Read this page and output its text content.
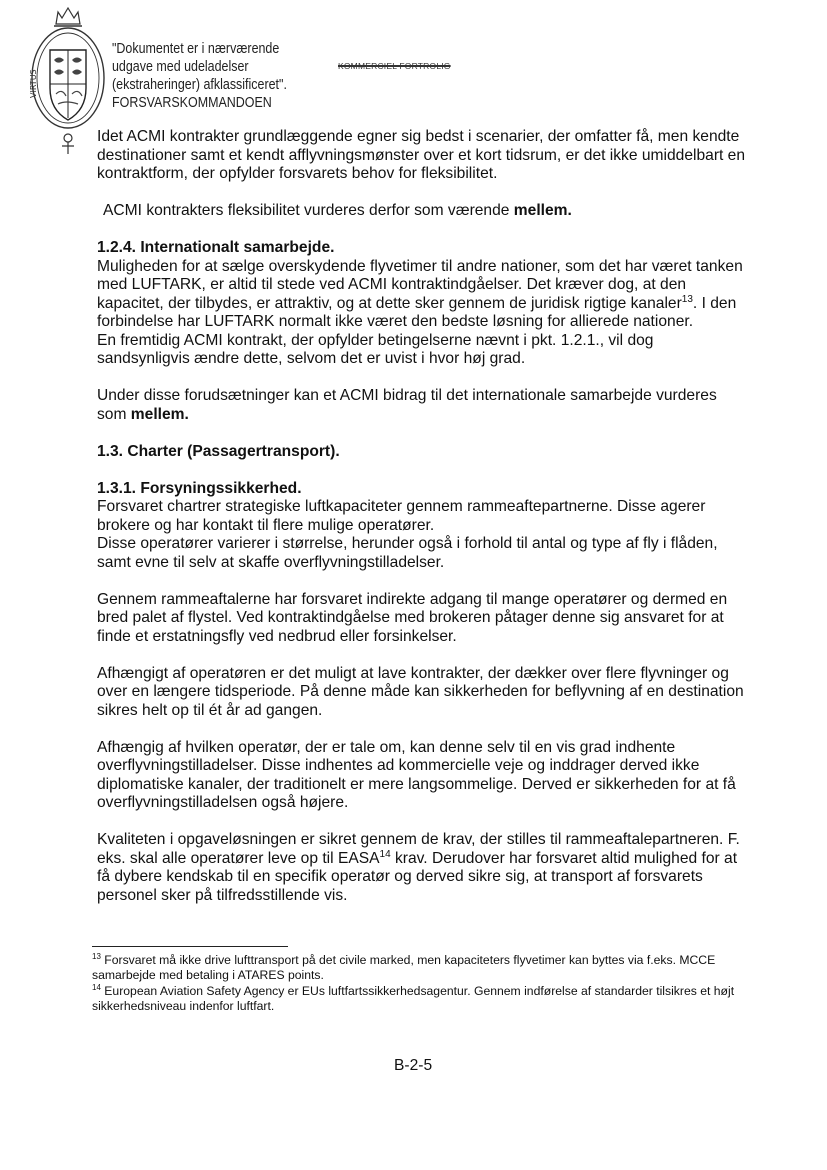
VIRTUS
"Dokumentet er i nærværende
udgave med udeladelser
(ekstraheringer) afklassificeret".
FORSVARSKOMMANDOEN
KOMMERCIEL FORTROLIG

Idet ACMI kontrakter grundlæggende egner sig bedst i scenarier, der omfatter få, men kendte destinationer samt et kendt afflyvningsmønster over et kort tidsrum, er det ikke umiddelbart en kontraktform, der opfylder forsvarets behov for fleksibilitet.

ACMI kontrakters fleksibilitet vurderes derfor som værende mellem.

1.2.4. Internationalt samarbejde.

Muligheden for at sælge overskydende flyvetimer til andre nationer, som det har været tanken med LUFTARK, er altid til stede ved ACMI kontraktindgåelser. Det kræver dog, at den kapacitet, der tilbydes, er attraktiv, og at dette sker gennem de juridisk rigtige kanaler$^{13}$. I den forbindelse har LUFTARK normalt ikke været den bedste løsning for allierede nationer.

En fremtidig ACMI kontrakt, der opfylder betingelserne nævnt i pkt. 1.2.1., vil dog sandsynligvis ændre dette, selvom det er uvist i hvor høj grad.

Under disse forudsætninger kan et ACMI bidrag til det internationale samarbejde vurderes som mellem.

1.3. Charter (Passagertransport).
1.3.1. Forsyningssikkerhed.

Forsvaret chartrer strategiske luftkapaciteter gennem rammeaftepartnerne. Disse agerer brokere og har kontakt til flere mulige operatører.

Disse operatører varierer i størrelse, herunder også i forhold til antal og type af fly i flåden, samt evne til selv at skaffe overflyvningstilladelser.

Gennem rammeaftalerne har forsvaret indirekte adgang til mange operatører og dermed en bred palet af flystel. Ved kontraktindgåelse med brokeren påtager denne sig ansvaret for at finde et erstatningsfly ved nedbrud eller forsinkelser.

Afhængigt af operatøren er det muligt at lave kontrakter, der dækker over flere flyvninger og over en længere tidsperiode. På denne måde kan sikkerheden for beflyvning af en destination sikres helt op til ét år ad gangen.

Afhængig af hvilken operatør, der er tale om, kan denne selv til en vis grad indhente overflyvningstilladelser. Disse indhentes ad kommercielle veje og inddrager derved ikke diplomatiske kanaler, der traditionelt er mere langsommelige. Derved er sikkerheden for at få overflyvningstilladelsen også højere.

Kvaliteten i opgaveløsningen er sikret gennem de krav, der stilles til rammeaftalepartneren. F. eks. skal alle operatører leve op til EASA$^{14}$ krav. Derudover har forsvaret altid mulighed for at få dybere kendskab til en specifik operatør og derved sikre sig, at transport af forsvarets personel sker på tilfredsstillende vis.

$^{13}$ Forsvaret må ikke drive lufttransport på det civile marked, men kapaciteters flyvetimer kan byttes via f.eks. MCCE samarbejde med betaling i ATARES points.

$^{14}$ European Aviation Safety Agency er EUs luftfartssikkerhedsagentur. Gennem indførelse af standarder tilsikres et højt sikkerhedsniveau indenfor luftfart.

B-2-5
